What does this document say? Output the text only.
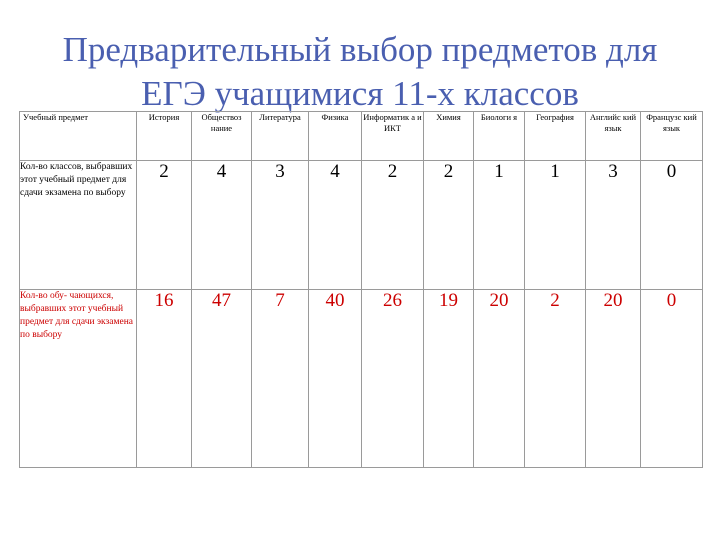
Предварительный выбор предметов для
ЕГЭ учащимися 11-х классов
Учебный предмет	История	Обществоз нание	Литература	Физика	Информатик а и ИКТ	Химия	Биологи я	География	Английс кий язык	Французс кий язык
Кол-во классов, выбравших этот учебный предмет для сдачи экзамена по выбору	2	4	3	4	2	2	1	1	3	0
Кол-во обу- чающихся, выбравших этот учебный предмет для сдачи экзамена по выбору	16	47	7	40	26	19	20	2	20	0
